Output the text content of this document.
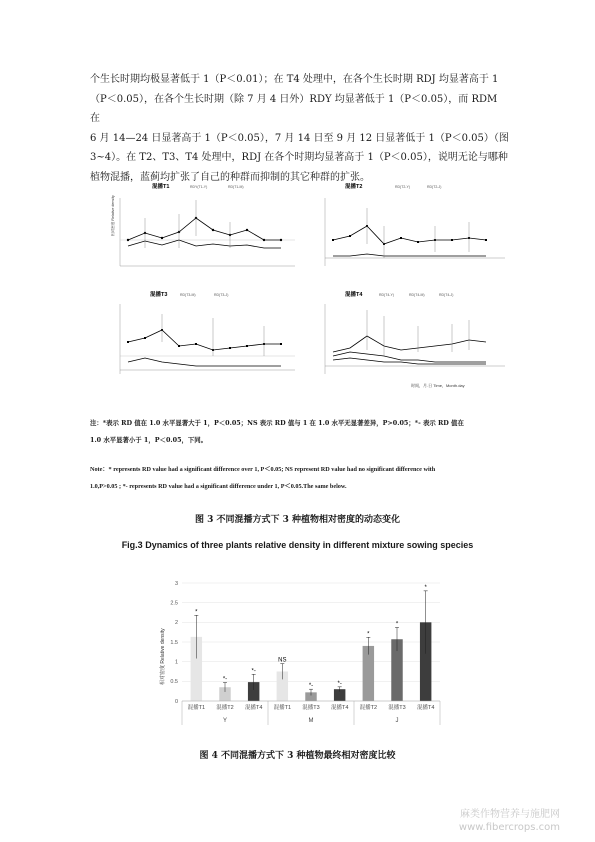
个生长时期均极显著低于 1（P＜0.01）；在 T4 处理中，在各个生长时期 RDJ 均显著高于 1
（P＜0.05），在各个生长时期（除 7 月 4 日外）RDY 均显著低于 1（P＜0.05），而 RDM 在
6 月 14—24 日显著高于 1（P＜0.05），7 月 14 日至 9 月 12 日显著低于 1（P＜0.05）（图
3~4）。在 T2、T3、T4 处理中，RDJ 在各个时期均显著高于 1（P＜0.05），说明无论与哪种
植物混播，蓝蓟均扩张了自己的种群而抑制的其它种群的扩张。
混播T1	RDY(T1-Y)	RD(T1-M)
相对密度 Relative density
混播T2	RD(T2-Y)	RD(T2-J)
混播T3	RD(T3-M)	RD(T3-J)	混播T4	RD(T4-Y)	RD(T4-M)	RD(T4-J)
时间，月.日 Time，Month.day
注：*表示 RD 值在 1.0 水平显著大于 1，P＜0.05；NS 表示 RD 值与 1 在 1.0 水平无显著差异，P>0.05；*- 表示 RD 值在
1.0 水平显著小于 1，P＜0.05，下同。
Note：* represents RD value had a significant difference over 1, P＜0.05; NS represent RD value had no significant difference with
1.0,P>0.05 ; *- represents RD value had a significant difference under 1, P＜0.05.The same below.
图 3 不同混播方式下 3 种植物相对密度的动态变化
Fig.3 Dynamics of three plants relative density in different mixture sowing species
相对密度 Relative density
0
0.5
1
1.5
2
2.5
3
*
*-
*-
NS
*-	*-
*
*
*
混播T1 混播T2 混播T4 混播T1 混播T3 混播T4 混播T2 混播T3 混播T4
Y	M	J
图 4 不同混播方式下 3 种植物最终相对密度比较
麻类作物营养与施肥网
www.fibercrops.com
